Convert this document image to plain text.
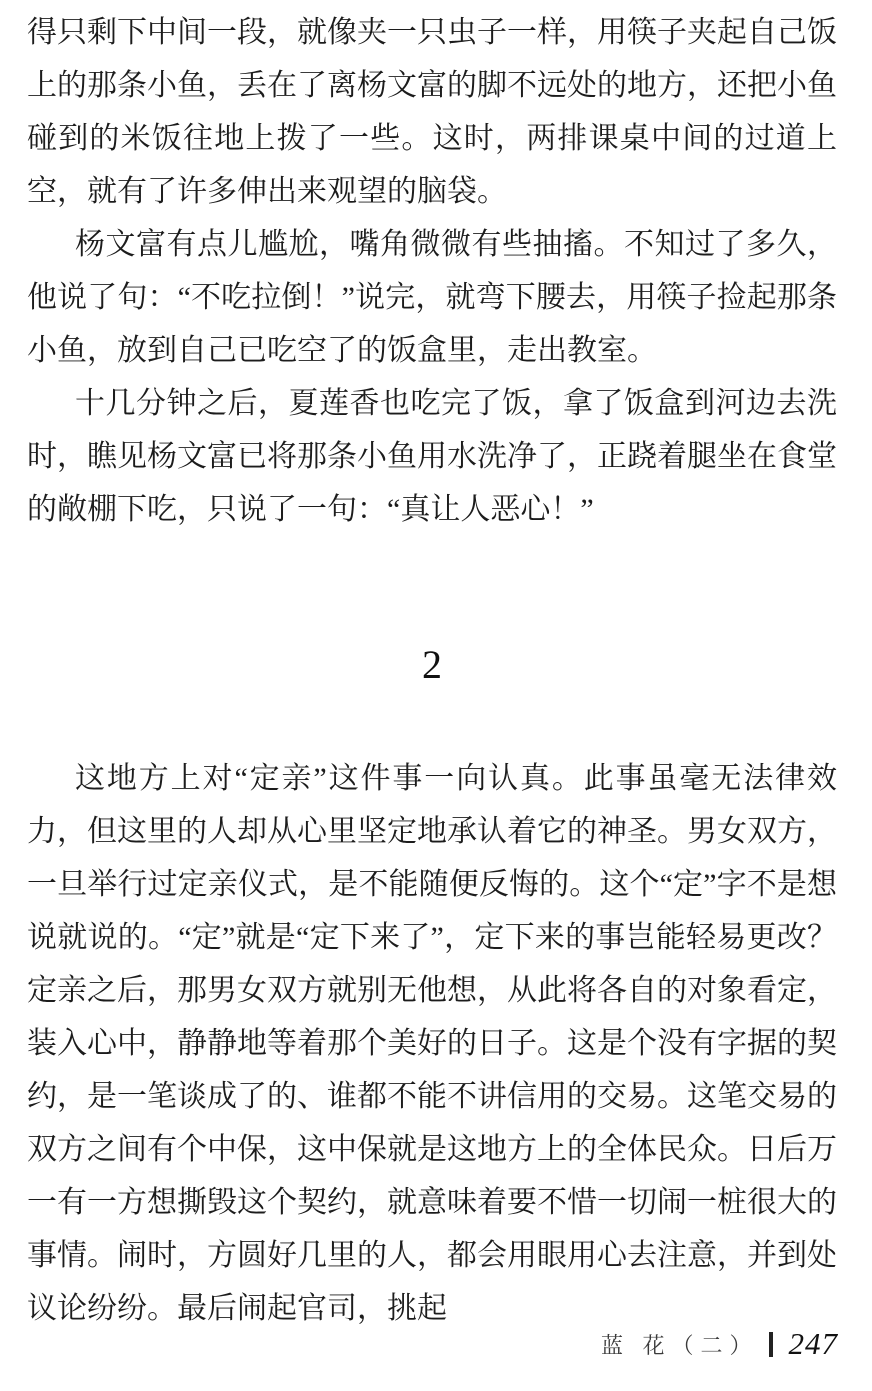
得只剩下中间一段，就像夹一只虫子一样，用筷子夹起自己饭上的那条小鱼，丢在了离杨文富的脚不远处的地方，还把小鱼碰到的米饭往地上拨了一些。这时，两排课桌中间的过道上空，就有了许多伸出来观望的脑袋。

杨文富有点儿尴尬，嘴角微微有些抽搐。不知过了多久，他说了句：“不吃拉倒！”说完，就弯下腰去，用筷子捡起那条小鱼，放到自己已吃空了的饭盒里，走出教室。

十几分钟之后，夏莲香也吃完了饭，拿了饭盒到河边去洗时，瞧见杨文富已将那条小鱼用水洗净了，正跷着腿坐在食堂的敞棚下吃，只说了一句：“真让人恶心！”

2

这地方上对“定亲”这件事一向认真。此事虽毫无法律效力，但这里的人却从心里坚定地承认着它的神圣。男女双方，一旦举行过定亲仪式，是不能随便反悔的。这个“定”字不是想说就说的。“定”就是“定下来了”，定下来的事岂能轻易更改？定亲之后，那男女双方就别无他想，从此将各自的对象看定，装入心中，静静地等着那个美好的日子。这是个没有字据的契约，是一笔谈成了的、谁都不能不讲信用的交易。这笔交易的双方之间有个中保，这中保就是这地方上的全体民众。日后万一有一方想撕毁这个契约，就意味着要不惜一切闹一桩很大的事情。闹时，方圆好几里的人，都会用眼用心去注意，并到处议论纷纷。最后闹起官司，挑起

蓝 花（二） 247
